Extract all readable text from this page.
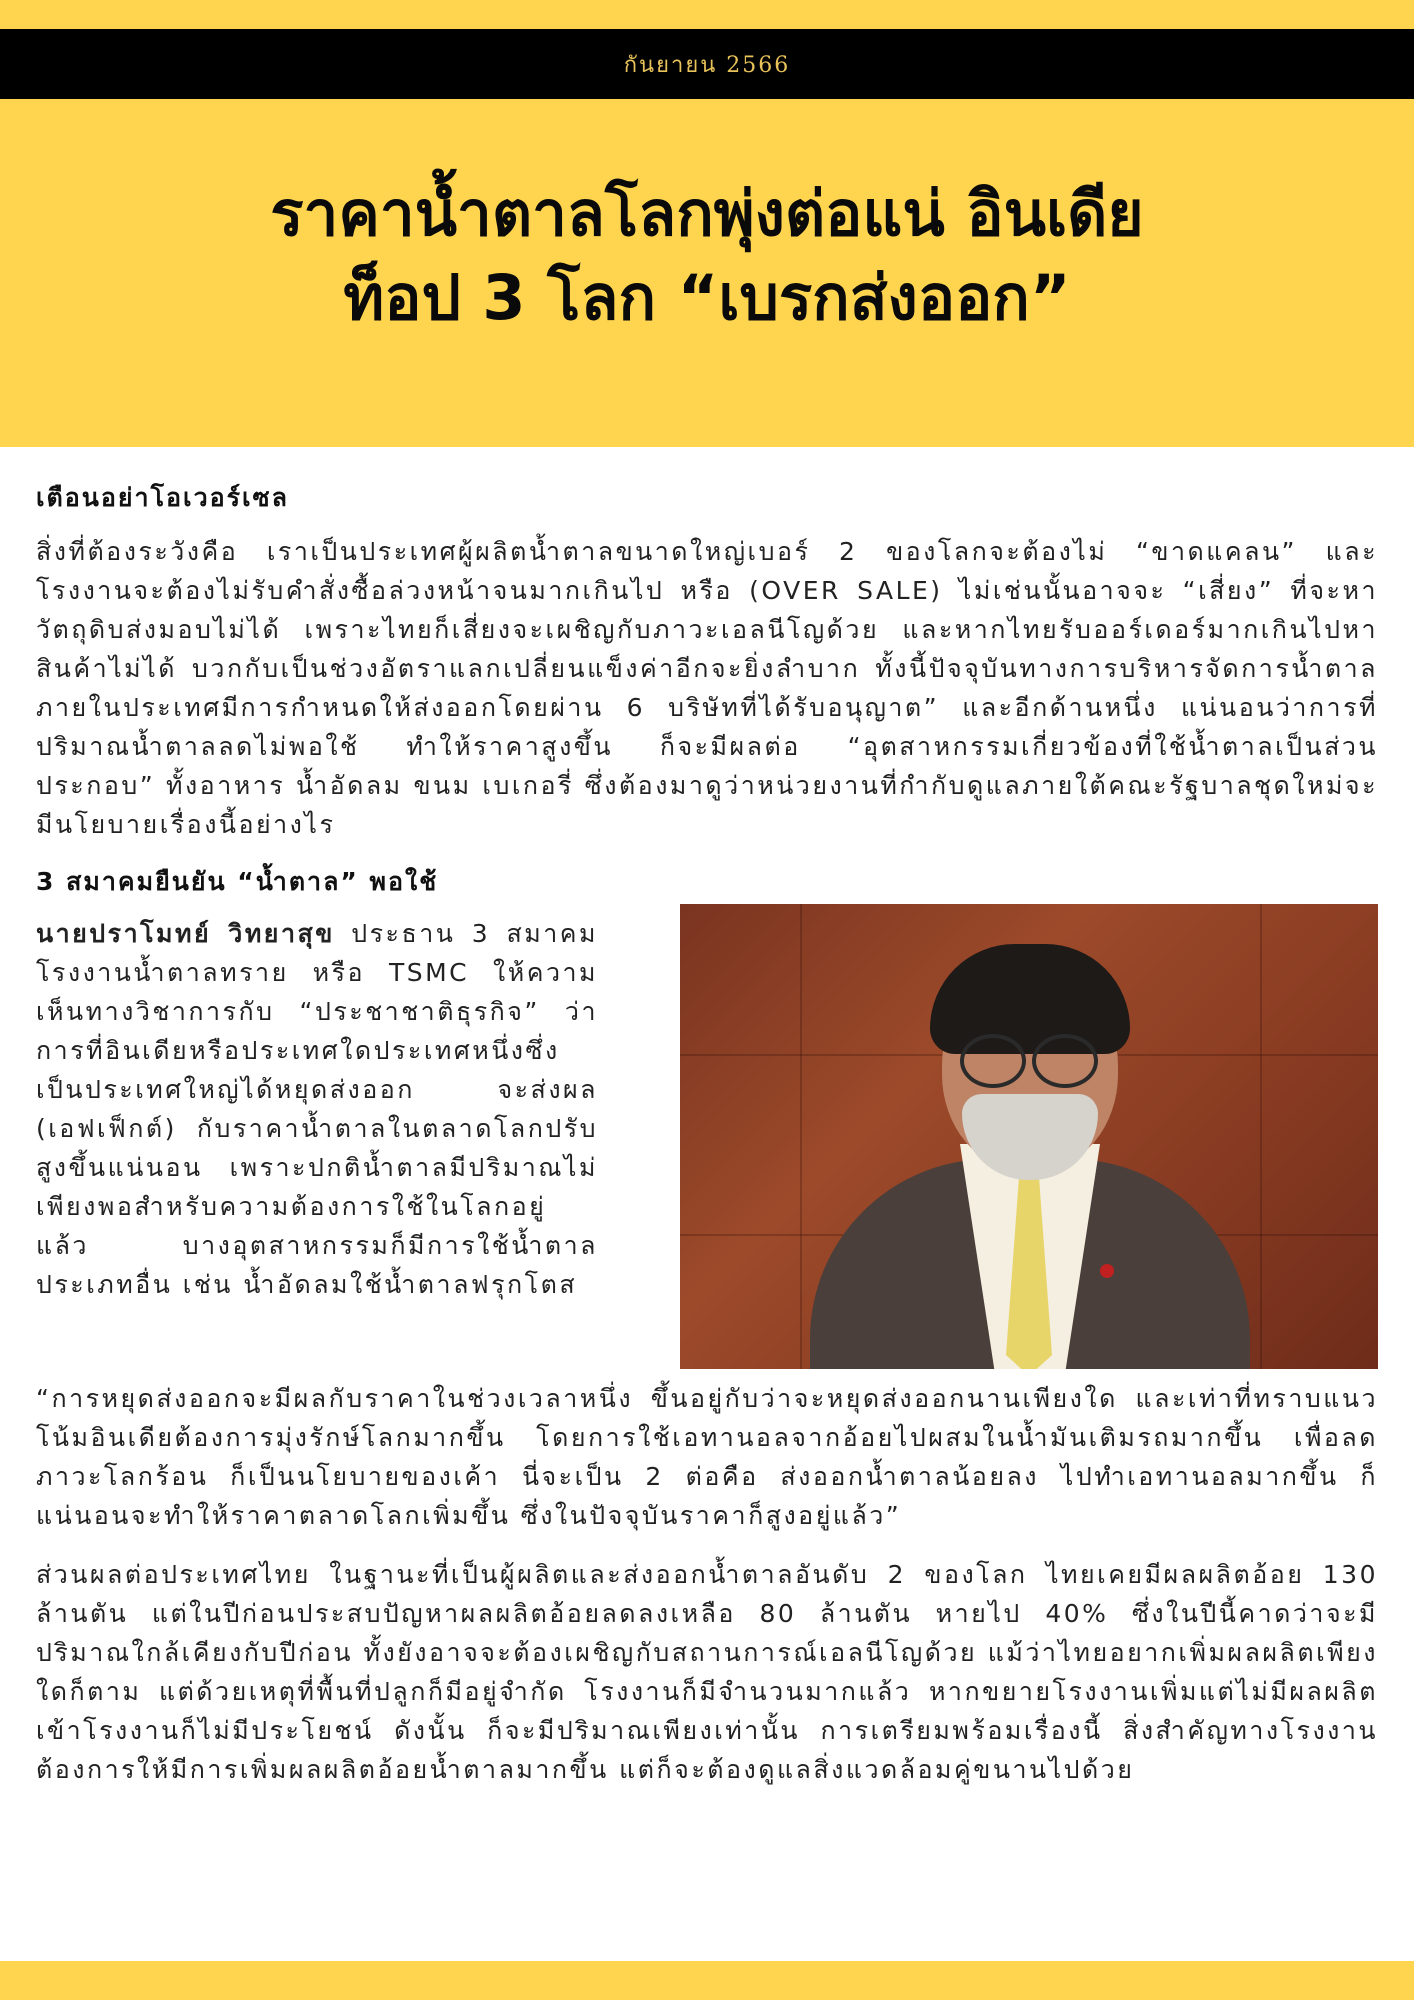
กันยายน 2566
ราคาน้ำตาลโลกพุ่งต่อแน่ อินเดีย
ท็อป 3 โลก “เบรกส่งออก”
เตือนอย่าโอเวอร์เซล

สิ่งที่ต้องระวังคือ เราเป็นประเทศผู้ผลิตน้ำตาลขนาดใหญ่เบอร์ 2 ของโลกจะต้องไม่ “ขาดแคลน” และโรงงานจะต้องไม่รับคำสั่งซื้อล่วงหน้าจนมากเกินไป หรือ (OVER SALE) ไม่เช่นนั้นอาจจะ “เสี่ยง” ที่จะหาวัตถุดิบส่งมอบไม่ได้ เพราะไทยก็เสี่ยงจะเผชิญกับภาวะเอลนีโญด้วย และหากไทยรับออร์เดอร์มากเกินไปหาสินค้าไม่ได้ บวกกับเป็นช่วงอัตราแลกเปลี่ยนแข็งค่าอีกจะยิ่งลำบาก ทั้งนี้ปัจจุบันทางการบริหารจัดการน้ำตาลภายในประเทศมีการกำหนดให้ส่งออกโดยผ่าน 6 บริษัทที่ได้รับอนุญาต” และอีกด้านหนึ่ง แน่นอนว่าการที่ปริมาณน้ำตาลลดไม่พอใช้ ทำให้ราคาสูงขึ้น ก็จะมีผลต่อ “อุตสาหกรรมเกี่ยวข้องที่ใช้น้ำตาลเป็นส่วนประกอบ” ทั้งอาหาร น้ำอัดลม ขนม เบเกอรี่ ซึ่งต้องมาดูว่าหน่วยงานที่กำกับดูแลภายใต้คณะรัฐบาลชุดใหม่จะมีนโยบายเรื่องนี้อย่างไร

3 สมาคมยืนยัน “น้ำตาล” พอใช้

นายปราโมทย์ วิทยาสุข ประธาน 3 สมาคมโรงงานน้ำตาลทราย หรือ TSMC ให้ความเห็นทางวิชาการกับ “ประชาชาติธุรกิจ” ว่า การที่อินเดียหรือประเทศใดประเทศหนึ่งซึ่งเป็นประเทศใหญ่ได้หยุดส่งออก จะส่งผล (เอฟเฟ็กต์) กับราคาน้ำตาลในตลาดโลกปรับสูงขึ้นแน่นอน เพราะปกติน้ำตาลมีปริมาณไม่เพียงพอสำหรับความต้องการใช้ในโลกอยู่แล้ว บางอุตสาหกรรมก็มีการใช้น้ำตาลประเภทอื่น เช่น น้ำอัดลมใช้น้ำตาลฟรุกโตส

“การหยุดส่งออกจะมีผลกับราคาในช่วงเวลาหนึ่ง ขึ้นอยู่กับว่าจะหยุดส่งออกนานเพียงใด และเท่าที่ทราบแนวโน้มอินเดียต้องการมุ่งรักษ์โลกมากขึ้น โดยการใช้เอทานอลจากอ้อยไปผสมในน้ำมันเติมรถมากขึ้น เพื่อลดภาวะโลกร้อน ก็เป็นนโยบายของเค้า นี่จะเป็น 2 ต่อคือ ส่งออกน้ำตาลน้อยลง ไปทำเอทานอลมากขึ้น ก็แน่นอนจะทำให้ราคาตลาดโลกเพิ่มขึ้น ซึ่งในปัจจุบันราคาก็สูงอยู่แล้ว”

ส่วนผลต่อประเทศไทย ในฐานะที่เป็นผู้ผลิตและส่งออกน้ำตาลอันดับ 2 ของโลก ไทยเคยมีผลผลิตอ้อย 130 ล้านตัน แต่ในปีก่อนประสบปัญหาผลผลิตอ้อยลดลงเหลือ 80 ล้านตัน หายไป 40% ซึ่งในปีนี้คาดว่าจะมีปริมาณใกล้เคียงกับปีก่อน ทั้งยังอาจจะต้องเผชิญกับสถานการณ์เอลนีโญด้วย แม้ว่าไทยอยากเพิ่มผลผลิตเพียงใดก็ตาม แต่ด้วยเหตุที่พื้นที่ปลูกก็มีอยู่จำกัด โรงงานก็มีจำนวนมากแล้ว หากขยายโรงงานเพิ่มแต่ไม่มีผลผลิตเข้าโรงงานก็ไม่มีประโยชน์ ดังนั้น ก็จะมีปริมาณเพียงเท่านั้น การเตรียมพร้อมเรื่องนี้ สิ่งสำคัญทางโรงงานต้องการให้มีการเพิ่มผลผลิตอ้อยน้ำตาลมากขึ้น แต่ก็จะต้องดูแลสิ่งแวดล้อมคู่ขนานไปด้วย
